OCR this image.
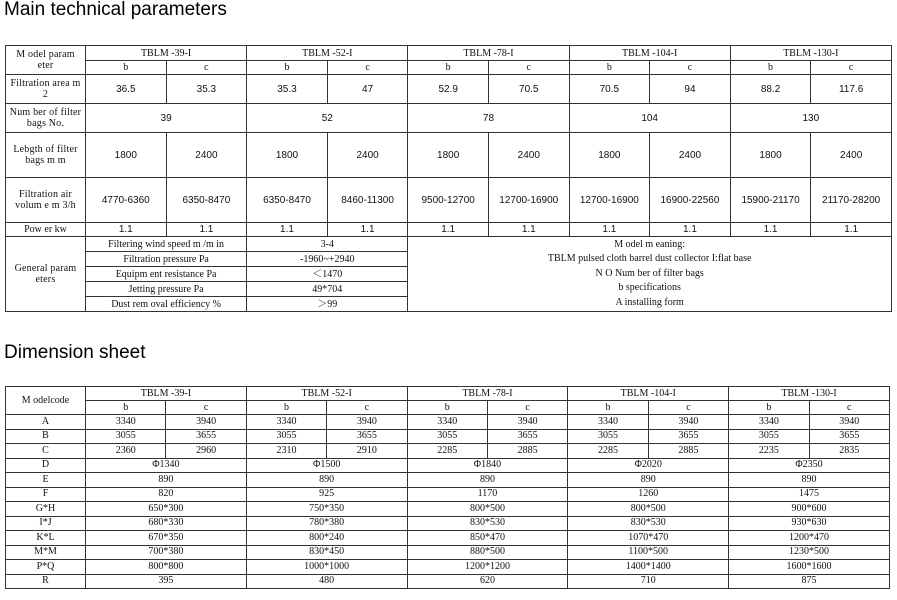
Main technical parameters
M odel param eter	TBLM -39-I		TBLM -52-I		TBLM -78-I		TBLM -104-I		TBLM -130-I	
	b	c	b	c	b	c	b	c	b	c
Filtration area m 2	36.5	35.3	35.3	47	52.9	70.5	70.5	94	88.2	117.6
Num ber of filter bags No.	39		52		78		104		130	
Lebgth of filter bags m m	1800	2400	1800	2400	1800	2400	1800	2400	1800	2400
Filtration air volum e m 3/h	4770-6360	6350-8470	6350-8470	8460-11300	9500-12700	12700-16900	12700-16900	16900-22560	15900-21170	21170-28200
Pow er kw	1.1	1.1	1.1	1.1	1.1	1.1	1.1	1.1	1.1	1.1
General param eters	Filtering wind speed m /m in		3-4		M odel m eaning:
TBLM pulsed cloth barrel dust collector I:flat base
N O Num ber of filter bags
b specifications
A installing form					

	Filtration pressure Pa		-1960~+2940							
	Equipm ent resistance Pa		＜1470							
	Jetting pressure Pa		49*704							
	Dust rem oval efficiency %		＞99							
Dimension sheet
M odelcode	TBLM -39-I		TBLM -52-I		TBLM -78-I		TBLM -104-I		TBLM -130-I	
	b	c	b	c	b	c	b	c	b	c
A	3340	3940	3340	3940	3340	3940	3340	3940	3340	3940
B	3055	3655	3055	3655	3055	3655	3055	3655	3055	3655
C	2360	2960	2310	2910	2285	2885	2285	2885	2235	2835
D	Φ1340		Φ1500		Φ1840		Φ2020		Φ2350	
E	890		890		890		890		890	
F	820		925		1170		1260		1475	
G*H	650*300		750*350		800*500		800*500		900*600	
I*J	680*330		780*380		830*530		830*530		930*630	
K*L	670*350		800*240		850*470		1070*470		1200*470	
M*M	700*380		830*450		880*500		1100*500		1230*500	
P*Q	800*800		1000*1000		1200*1200		1400*1400		1600*1600	
R	395		480		620		710		875	
